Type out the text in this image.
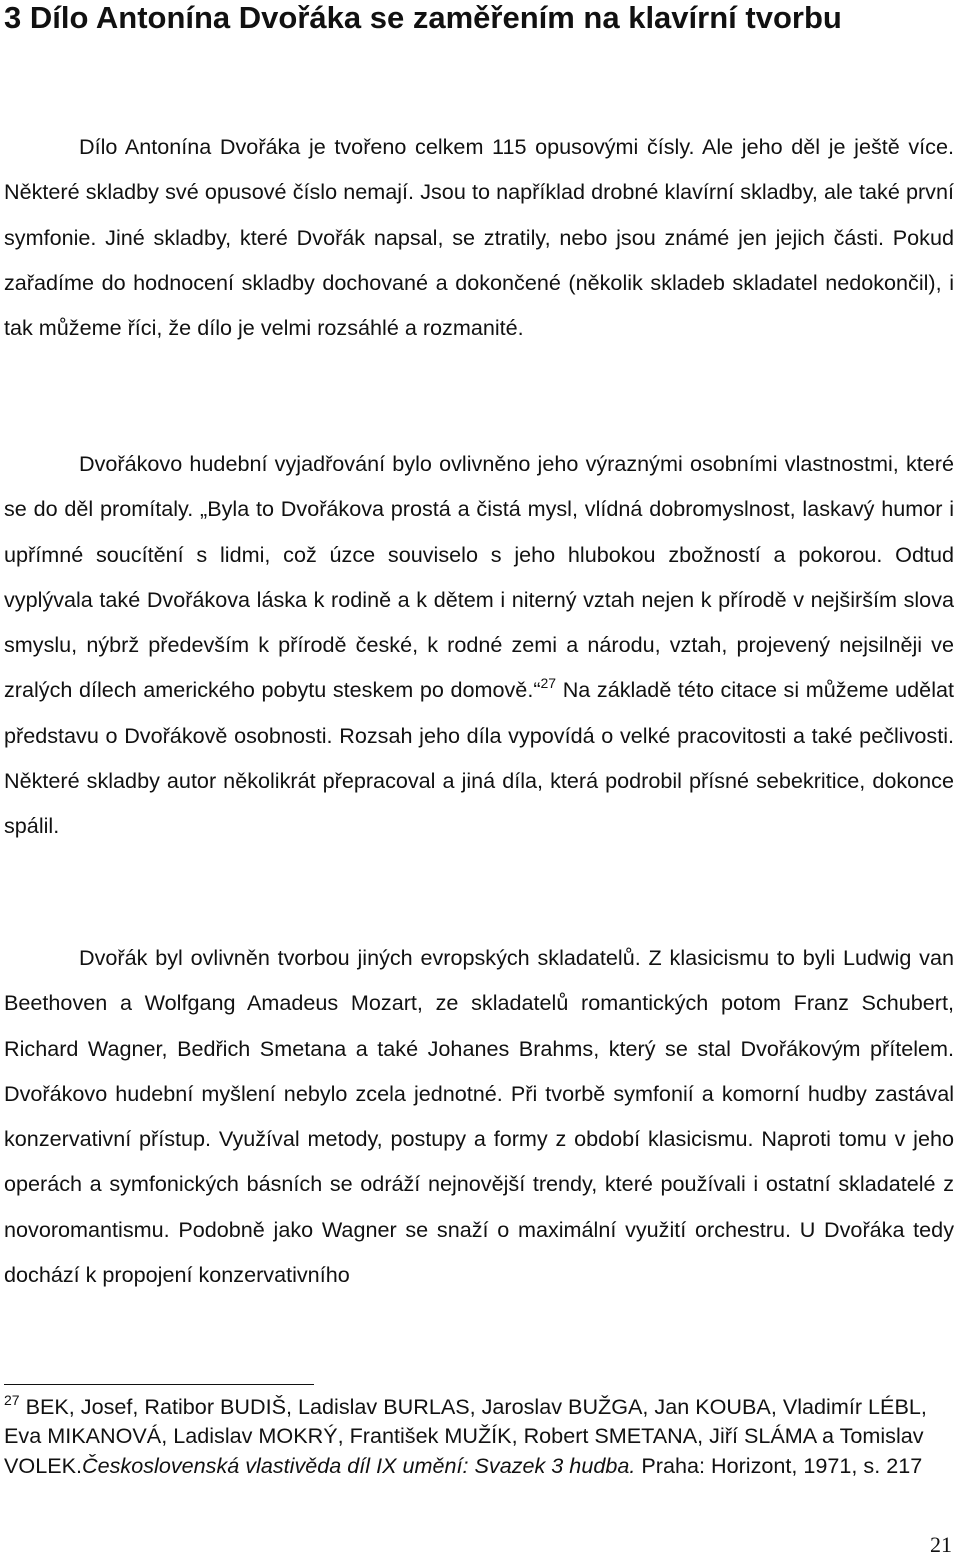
3 Dílo Antonína Dvořáka se zaměřením na klavírní tvorbu

Dílo Antonína Dvořáka je tvořeno celkem 115 opusovými čísly. Ale jeho děl je ještě více. Některé skladby své opusové číslo nemají. Jsou to například drobné klavírní skladby, ale také první symfonie. Jiné skladby, které Dvořák napsal, se ztratily, nebo jsou známé jen jejich části. Pokud zařadíme do hodnocení skladby dochované a dokončené (několik skladeb skladatel nedokončil), i tak můžeme říci, že dílo je velmi rozsáhlé a rozmanité.

Dvořákovo hudební vyjadřování bylo ovlivněno jeho výraznými osobními vlastnostmi, které se do děl promítaly. „Byla to Dvořákova prostá a čistá mysl, vlídná dobromyslnost, laskavý humor i upřímné soucítění s lidmi, což úzce souviselo s jeho hlubokou zbožností a pokorou. Odtud vyplývala také Dvořákova láska k rodině a k dětem i niterný vztah nejen k přírodě v nejširším slova smyslu, nýbrž především k přírodě české, k rodné zemi a národu, vztah, projevený nejsilněji ve zralých dílech amerického pobytu steskem po domově.“$^{27}$ Na základě této citace si můžeme udělat představu o Dvořákově osobnosti. Rozsah jeho díla vypovídá o velké pracovitosti a také pečlivosti. Některé skladby autor několikrát přepracoval a jiná díla, která podrobil přísné sebekritice, dokonce spálil.

Dvořák byl ovlivněn tvorbou jiných evropských skladatelů. Z klasicismu to byli Ludwig van Beethoven a Wolfgang Amadeus Mozart, ze skladatelů romantických potom Franz Schubert, Richard Wagner, Bedřich Smetana a také Johanes Brahms, který se stal Dvořákovým přítelem. Dvořákovo hudební myšlení nebylo zcela jednotné. Při tvorbě symfonií a komorní hudby zastával konzervativní přístup. Využíval metody, postupy a formy z období klasicismu. Naproti tomu v jeho operách a symfonických básních se odráží nejnovější trendy, které používali i ostatní skladatelé z novoromantismu. Podobně jako Wagner se snaží o maximální využití orchestru. U Dvořáka tedy dochází k propojení konzervativního

$^{27}$ BEK, Josef, Ratibor BUDIŠ, Ladislav BURLAS, Jaroslav BUŽGA, Jan KOUBA, Vladimír LÉBL, Eva MIKANOVÁ, Ladislav MOKRÝ, František MUŽÍK, Robert SMETANA, Jiří SLÁMA a Tomislav VOLEK.Československá vlastivěda díl IX umění: Svazek 3 hudba. Praha: Horizont, 1971, s. 217

21
